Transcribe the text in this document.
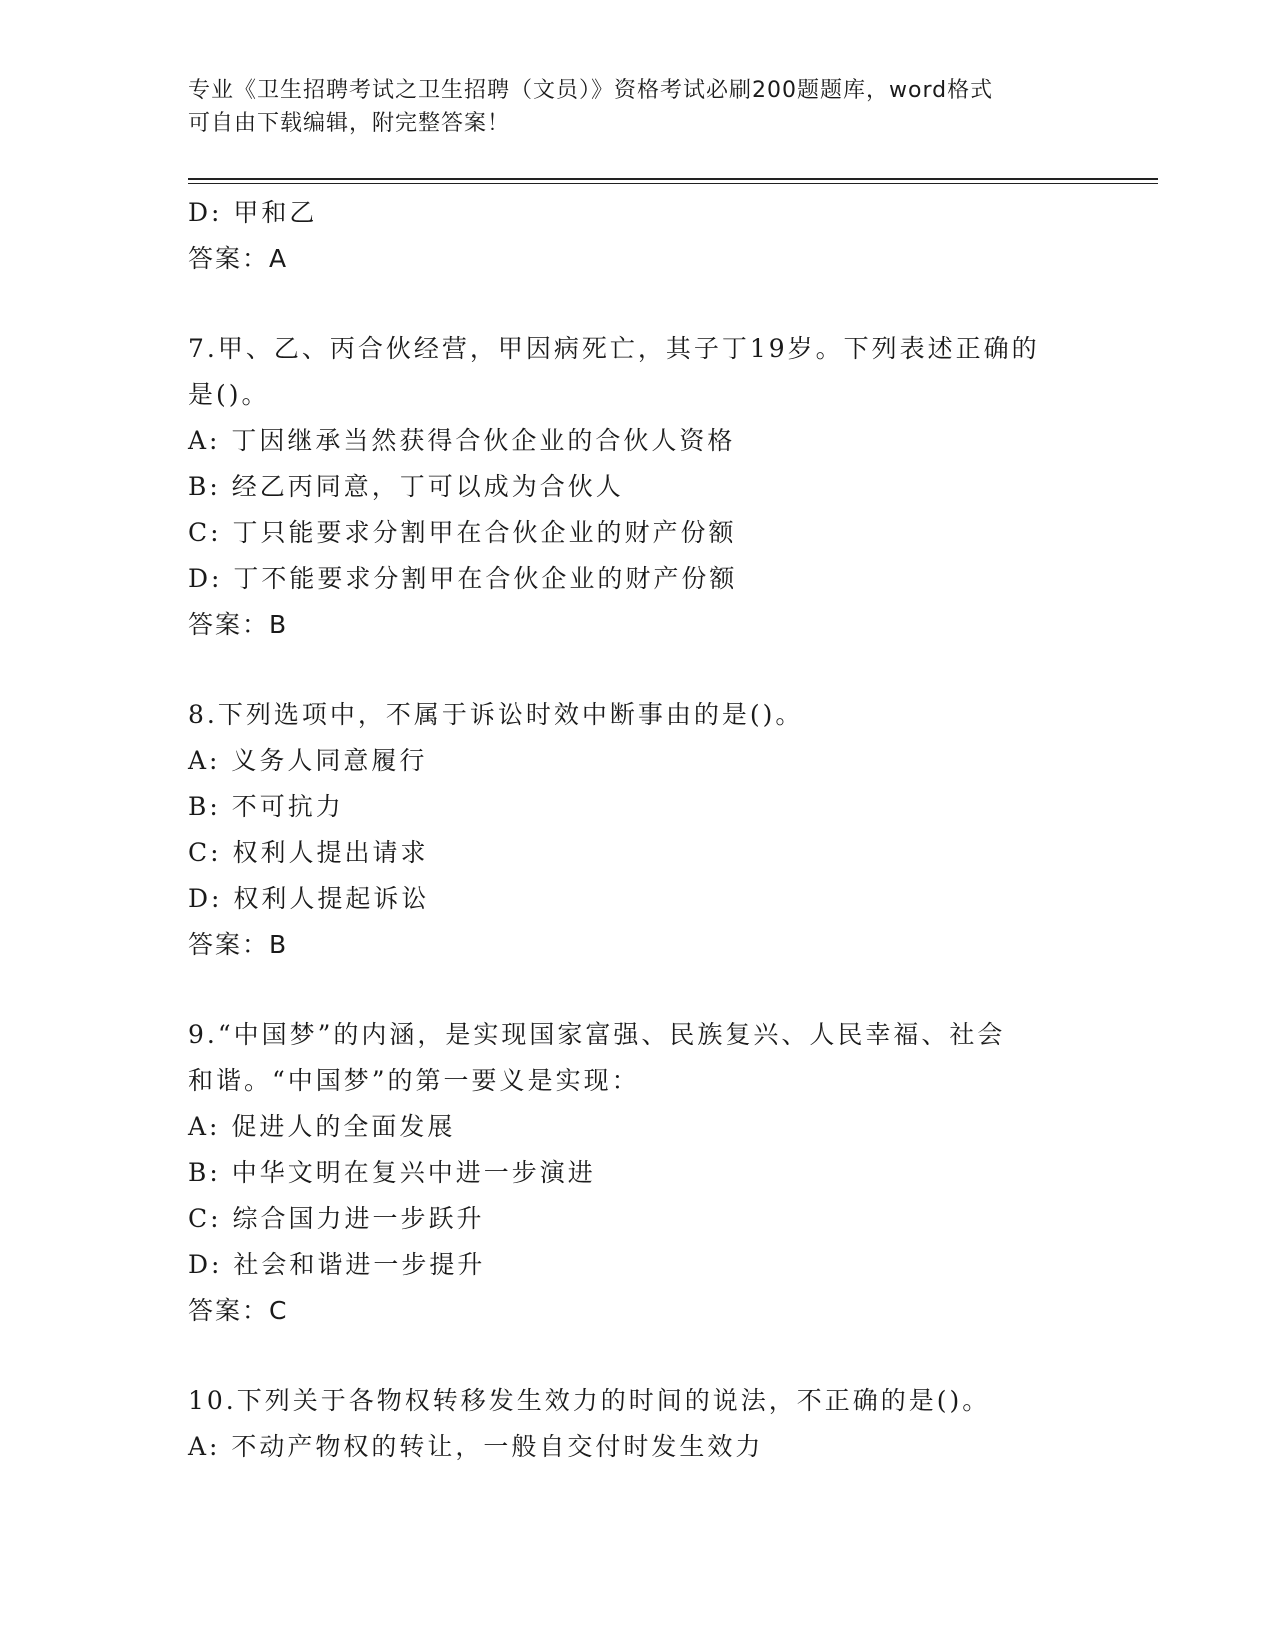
专业《卫生招聘考试之卫生招聘（文员）》资格考试必刷200题题库，word格式
可自由下载编辑，附完整答案！
D: 甲和乙
答案：A
7.甲、乙、丙合伙经营，甲因病死亡，其子丁19岁。下列表述正确的
是()。
A: 丁因继承当然获得合伙企业的合伙人资格
B: 经乙丙同意，丁可以成为合伙人
C: 丁只能要求分割甲在合伙企业的财产份额
D: 丁不能要求分割甲在合伙企业的财产份额
答案：B
8.下列选项中，不属于诉讼时效中断事由的是()。
A: 义务人同意履行
B: 不可抗力
C: 权利人提出请求
D: 权利人提起诉讼
答案：B
9.“中国梦”的内涵，是实现国家富强、民族复兴、人民幸福、社会
和谐。“中国梦”的第一要义是实现：
A: 促进人的全面发展
B: 中华文明在复兴中进一步演进
C: 综合国力进一步跃升
D: 社会和谐进一步提升
答案：C
10.下列关于各物权转移发生效力的时间的说法，不正确的是()。
A: 不动产物权的转让，一般自交付时发生效力
